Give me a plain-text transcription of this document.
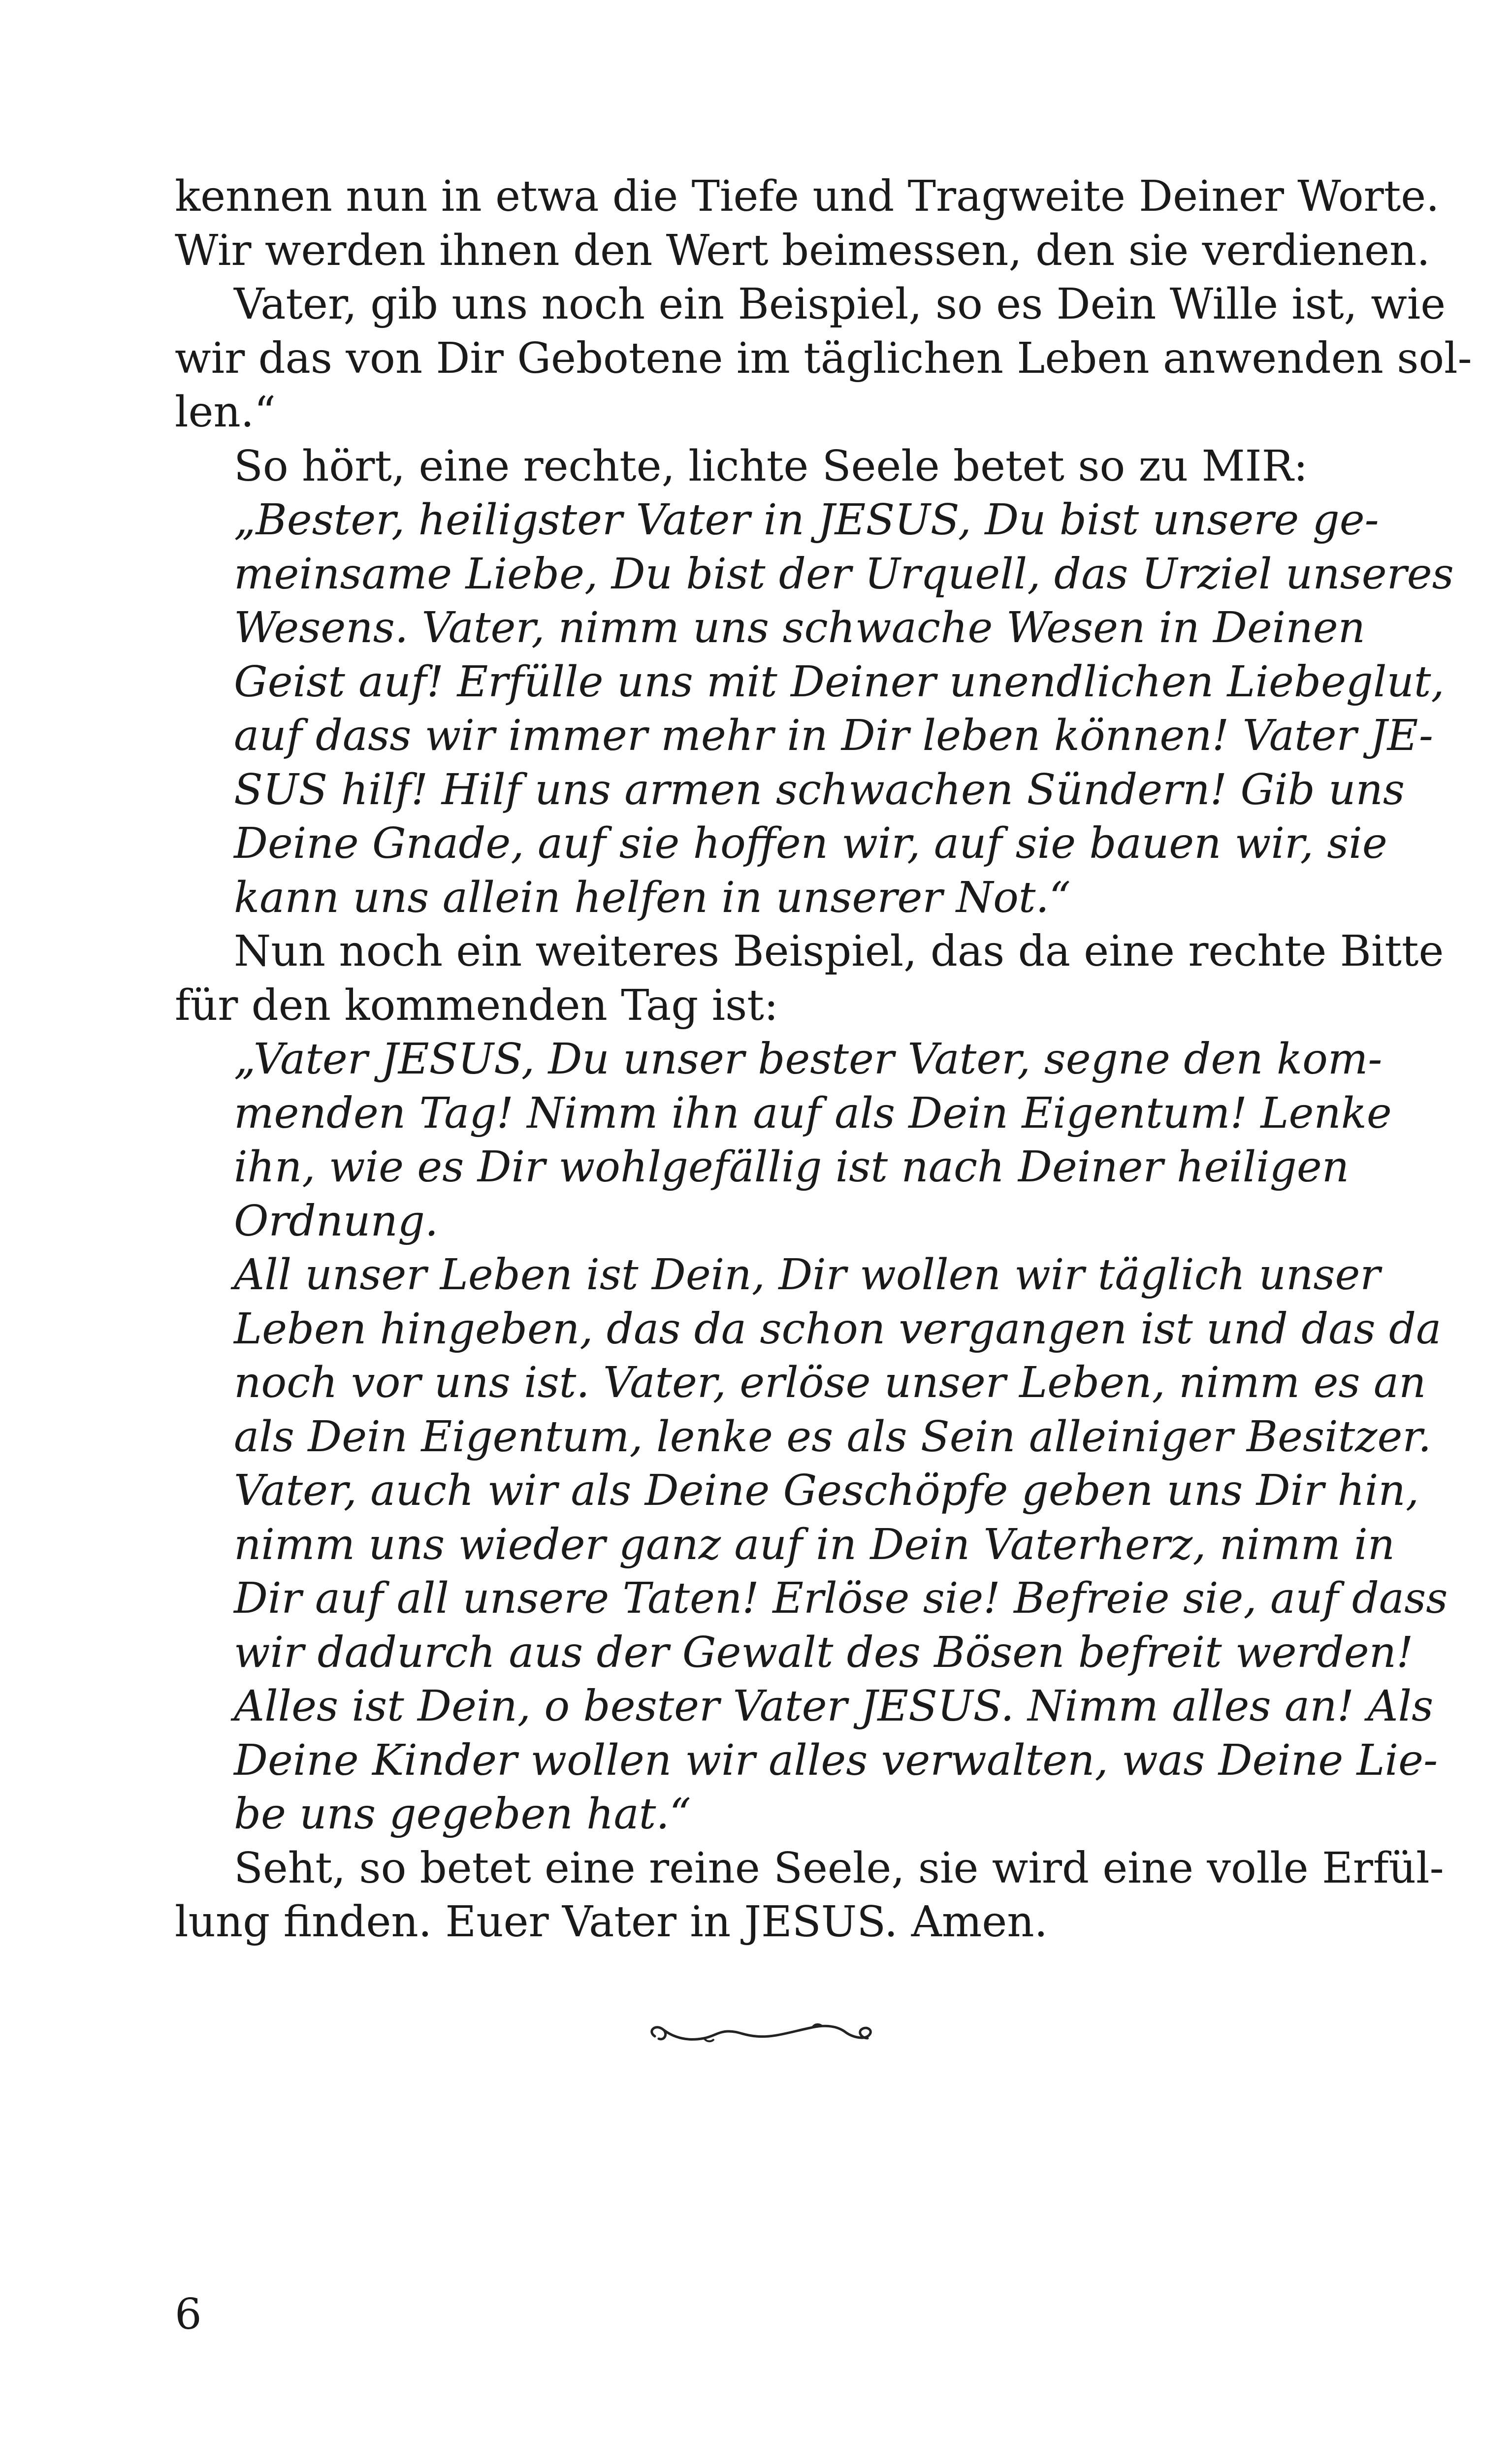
kennen nun in etwa die Tiefe und Tragweite Deiner Worte.
Wir werden ihnen den Wert beimessen, den sie verdienen.
Vater, gib uns noch ein Beispiel, so es Dein Wille ist, wie
wir das von Dir Gebotene im täglichen Leben anwenden sol-
len.“
So hört, eine rechte, lichte Seele betet so zu MIR:
„Bester, heiligster Vater in JESUS, Du bist unsere ge-
meinsame Liebe, Du bist der Urquell, das Urziel unseres
Wesens. Vater, nimm uns schwache Wesen in Deinen
Geist auf! Erfülle uns mit Deiner unendlichen Liebeglut,
auf dass wir immer mehr in Dir leben können! Vater JE-
SUS hilf! Hilf uns armen schwachen Sündern! Gib uns
Deine Gnade, auf sie hoffen wir, auf sie bauen wir, sie
kann uns allein helfen in unserer Not.“
Nun noch ein weiteres Beispiel, das da eine rechte Bitte
für den kommenden Tag ist:
„Vater JESUS, Du unser bester Vater, segne den kom-
menden Tag! Nimm ihn auf als Dein Eigentum! Lenke
ihn, wie es Dir wohlgefällig ist nach Deiner heiligen
Ordnung.
All unser Leben ist Dein, Dir wollen wir täglich unser
Leben hingeben, das da schon vergangen ist und das da
noch vor uns ist. Vater, erlöse unser Leben, nimm es an
als Dein Eigentum, lenke es als Sein alleiniger Besitzer.
Vater, auch wir als Deine Geschöpfe geben uns Dir hin,
nimm uns wieder ganz auf in Dein Vaterherz, nimm in
Dir auf all unsere Taten! Erlöse sie! Befreie sie, auf dass
wir dadurch aus der Gewalt des Bösen befreit werden!
Alles ist Dein, o bester Vater JESUS. Nimm alles an! Als
Deine Kinder wollen wir alles verwalten, was Deine Lie-
be uns gegeben hat.“
Seht, so betet eine reine Seele, sie wird eine volle Erfül-
lung finden. Euer Vater in JESUS. Amen.
6
